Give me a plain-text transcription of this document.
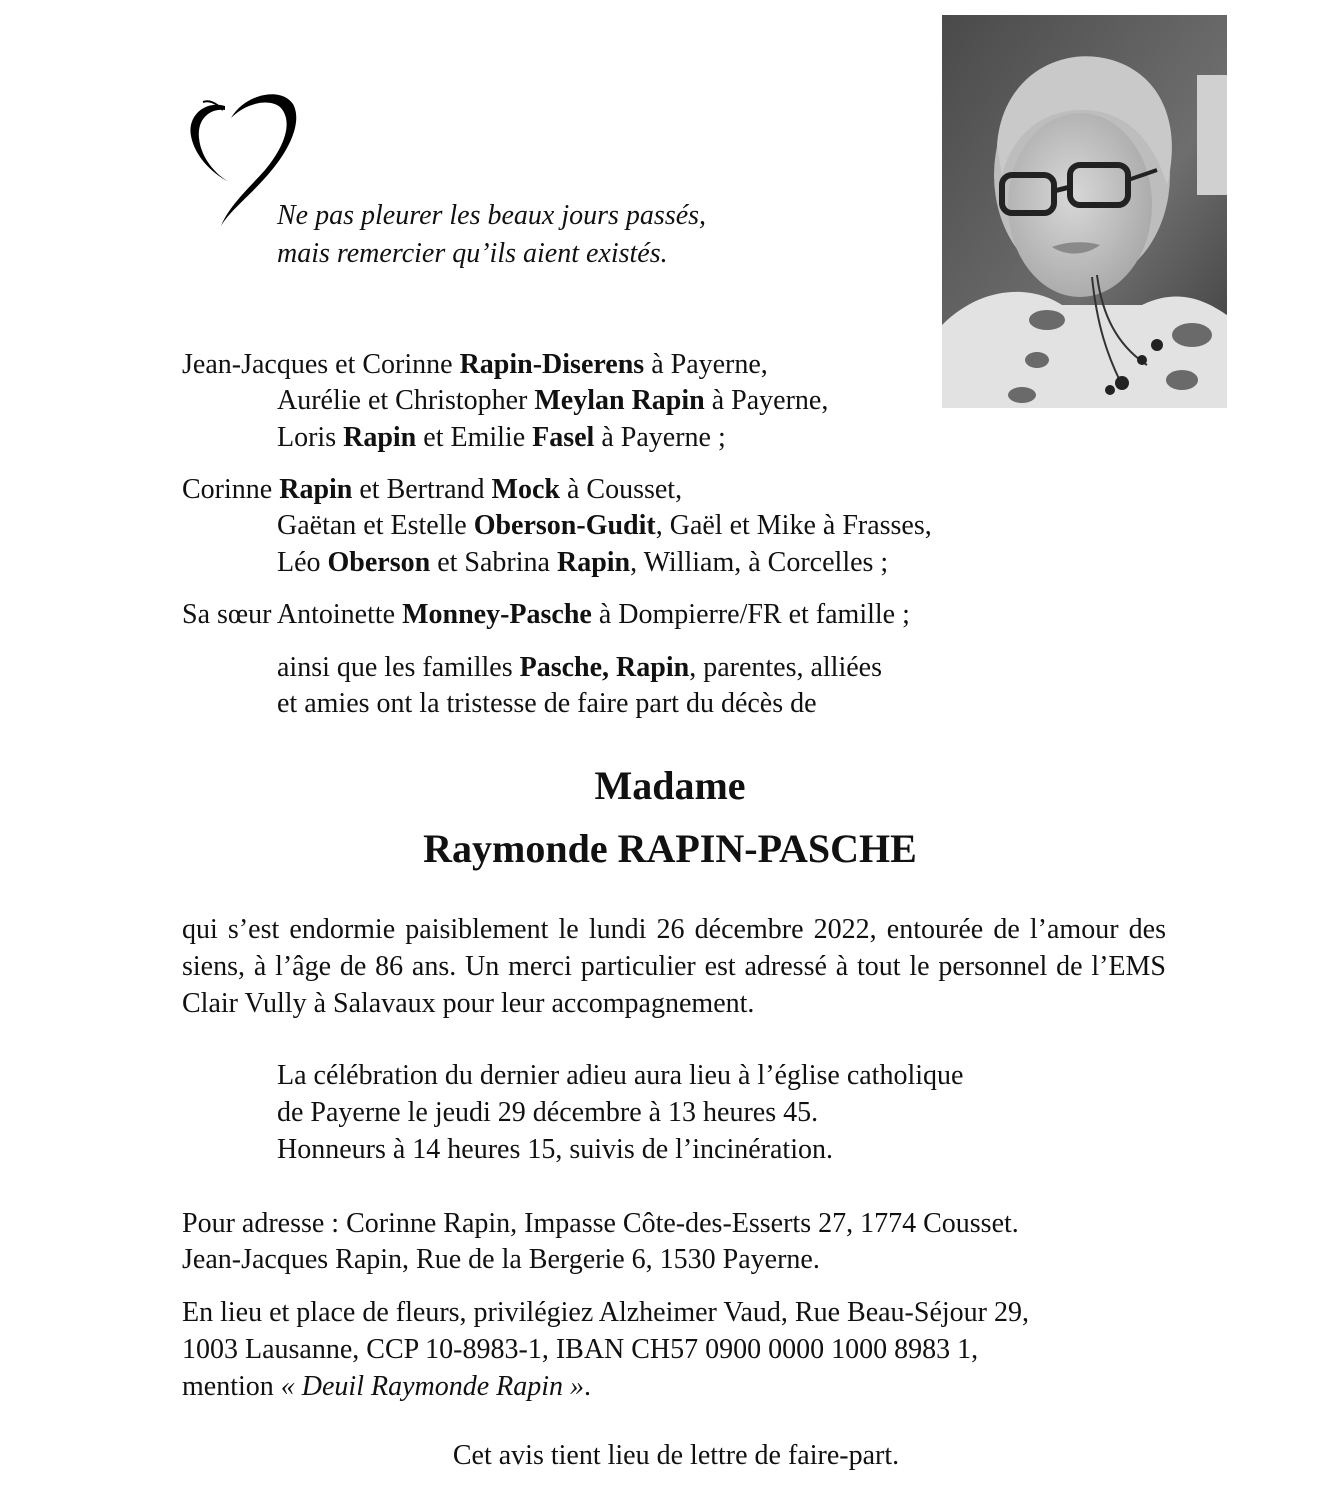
Ne pas pleurer les beaux jours passés,
mais remercier qu’ils aient existés.
Jean-Jacques et Corinne Rapin-Diserens à Payerne,
Aurélie et Christopher Meylan Rapin à Payerne,
Loris Rapin et Emilie Fasel à Payerne ;
Corinne Rapin et Bertrand Mock à Cousset,
Gaëtan et Estelle Oberson-Gudit, Gaël et Mike à Frasses,
Léo Oberson et Sabrina Rapin, William, à Corcelles ;
Sa sœur Antoinette Monney-Pasche à Dompierre/FR et famille ;
ainsi que les familles Pasche, Rapin, parentes, alliées
et amies ont la tristesse de faire part du décès de
Madame
Raymonde RAPIN-PASCHE
qui s’est endormie paisiblement le lundi 26 décembre 2022, entourée de l’amour des siens, à l’âge de 86 ans. Un merci particulier est adressé à tout le personnel de l’EMS Clair Vully à Salavaux pour leur accompagnement.
La célébration du dernier adieu aura lieu à l’église catholique
de Payerne le jeudi 29 décembre à 13 heures 45.
Honneurs à 14 heures 15, suivis de l’incinération.
Pour adresse : Corinne Rapin, Impasse Côte-des-Esserts 27, 1774 Cousset.
Jean-Jacques Rapin, Rue de la Bergerie 6, 1530 Payerne.
En lieu et place de fleurs, privilégiez Alzheimer Vaud, Rue Beau-Séjour 29,
1003 Lausanne, CCP 10-8983-1, IBAN CH57 0900 0000 1000 8983 1,
mention « Deuil Raymonde Rapin ».
Cet avis tient lieu de lettre de faire-part.
